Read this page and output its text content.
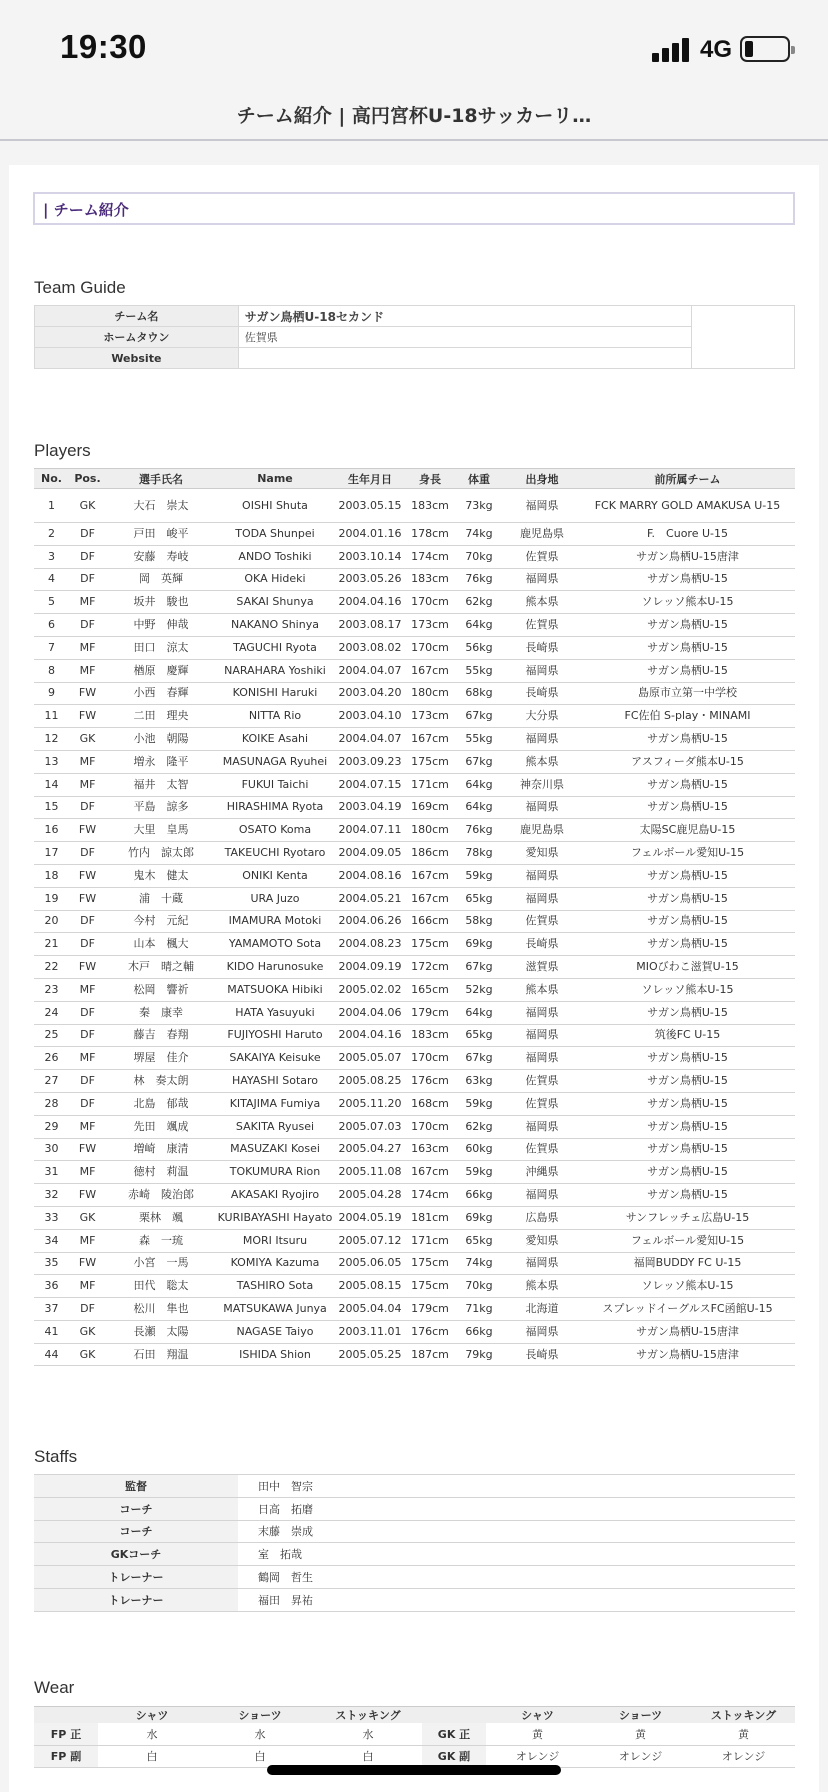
19:30	4G
チーム紹介 | 高円宮杯U-18サッカーリ…
| チーム紹介
Team Guide
チーム名	サガン鳥栖U-18セカンド	
ホームタウン	佐賀県	
Website		
Players
No.	Pos.	選手氏名	Name	生年月日	身長	体重	出身地	前所属チーム
1	GK	大石　崇太	OISHI Shuta	2003.05.15	183cm	73kg	福岡県	FCK MARRY GOLD AMAKUSA U-15
2	DF	戸田　峻平	TODA Shunpei	2004.01.16	178cm	74kg	鹿児島県	F.　Cuore U-15
3	DF	安藤　寿岐	ANDO Toshiki	2003.10.14	174cm	70kg	佐賀県	サガン鳥栖U-15唐津
4	DF	岡　英輝	OKA Hideki	2003.05.26	183cm	76kg	福岡県	サガン鳥栖U-15
5	MF	坂井　駿也	SAKAI Shunya	2004.04.16	170cm	62kg	熊本県	ソレッソ熊本U-15
6	DF	中野　伸哉	NAKANO Shinya	2003.08.17	173cm	64kg	佐賀県	サガン鳥栖U-15
7	MF	田口　涼太	TAGUCHI Ryota	2003.08.02	170cm	56kg	長崎県	サガン鳥栖U-15
8	MF	楢原　慶輝	NARAHARA Yoshiki	2004.04.07	167cm	55kg	福岡県	サガン鳥栖U-15
9	FW	小西　春輝	KONISHI Haruki	2003.04.20	180cm	68kg	長崎県	島原市立第一中学校
11	FW	二田　理央	NITTA Rio	2003.04.10	173cm	67kg	大分県	FC佐伯 S-play・MINAMI
12	GK	小池　朝陽	KOIKE Asahi	2004.04.07	167cm	55kg	福岡県	サガン鳥栖U-15
13	MF	増永　隆平	MASUNAGA Ryuhei	2003.09.23	175cm	67kg	熊本県	アスフィーダ熊本U-15
14	MF	福井　太智	FUKUI Taichi	2004.07.15	171cm	64kg	神奈川県	サガン鳥栖U-15
15	DF	平島　諒多	HIRASHIMA Ryota	2003.04.19	169cm	64kg	福岡県	サガン鳥栖U-15
16	FW	大里　皇馬	OSATO Koma	2004.07.11	180cm	76kg	鹿児島県	太陽SC鹿児島U-15
17	DF	竹内　諒太郎	TAKEUCHI Ryotaro	2004.09.05	186cm	78kg	愛知県	フェルボール愛知U-15
18	FW	鬼木　健太	ONIKI Kenta	2004.08.16	167cm	59kg	福岡県	サガン鳥栖U-15
19	FW	浦　十蔵	URA Juzo	2004.05.21	167cm	65kg	福岡県	サガン鳥栖U-15
20	DF	今村　元紀	IMAMURA Motoki	2004.06.26	166cm	58kg	佐賀県	サガン鳥栖U-15
21	DF	山本　楓大	YAMAMOTO Sota	2004.08.23	175cm	69kg	長崎県	サガン鳥栖U-15
22	FW	木戸　晴之輔	KIDO Harunosuke	2004.09.19	172cm	67kg	滋賀県	MIOびわこ滋賀U-15
23	MF	松岡　響祈	MATSUOKA Hibiki	2005.02.02	165cm	52kg	熊本県	ソレッソ熊本U-15
24	DF	秦　康幸	HATA Yasuyuki	2004.04.06	179cm	64kg	福岡県	サガン鳥栖U-15
25	DF	藤吉　春翔	FUJIYOSHI Haruto	2004.04.16	183cm	65kg	福岡県	筑後FC U-15
26	MF	堺屋　佳介	SAKAIYA Keisuke	2005.05.07	170cm	67kg	福岡県	サガン鳥栖U-15
27	DF	林　奏太朗	HAYASHI Sotaro	2005.08.25	176cm	63kg	佐賀県	サガン鳥栖U-15
28	DF	北島　郁哉	KITAJIMA Fumiya	2005.11.20	168cm	59kg	佐賀県	サガン鳥栖U-15
29	MF	先田　颯成	SAKITA Ryusei	2005.07.03	170cm	62kg	福岡県	サガン鳥栖U-15
30	FW	増崎　康清	MASUZAKI Kosei	2005.04.27	163cm	60kg	佐賀県	サガン鳥栖U-15
31	MF	徳村　莉温	TOKUMURA Rion	2005.11.08	167cm	59kg	沖縄県	サガン鳥栖U-15
32	FW	赤崎　陵治郎	AKASAKI Ryojiro	2005.04.28	174cm	66kg	福岡県	サガン鳥栖U-15
33	GK	栗林　颯	KURIBAYASHI Hayato	2004.05.19	181cm	69kg	広島県	サンフレッチェ広島U-15
34	MF	森　一琉	MORI Itsuru	2005.07.12	171cm	65kg	愛知県	フェルボール愛知U-15
35	FW	小宮　一馬	KOMIYA Kazuma	2005.06.05	175cm	74kg	福岡県	福岡BUDDY FC U-15
36	MF	田代　聡太	TASHIRO Sota	2005.08.15	175cm	70kg	熊本県	ソレッソ熊本U-15
37	DF	松川　隼也	MATSUKAWA Junya	2005.04.04	179cm	71kg	北海道	スプレッドイーグルスFC函館U-15
41	GK	長瀬　太陽	NAGASE Taiyo	2003.11.01	176cm	66kg	福岡県	サガン鳥栖U-15唐津
44	GK	石田　翔温	ISHIDA Shion	2005.05.25	187cm	79kg	長崎県	サガン鳥栖U-15唐津
Staffs
監督	田中　智宗
コーチ	日高　拓磨
コーチ	末藤　崇成
GKコーチ	室　拓哉
トレーナー	鶴岡　哲生
トレーナー	福田　昇祐
Wear
	シャツ	ショーツ	ストッキング		シャツ	ショーツ	ストッキング
FP 正	水	水	水	GK 正	黄	黄	黄
FP 副	白	白	白	GK 副	オレンジ	オレンジ	オレンジ
